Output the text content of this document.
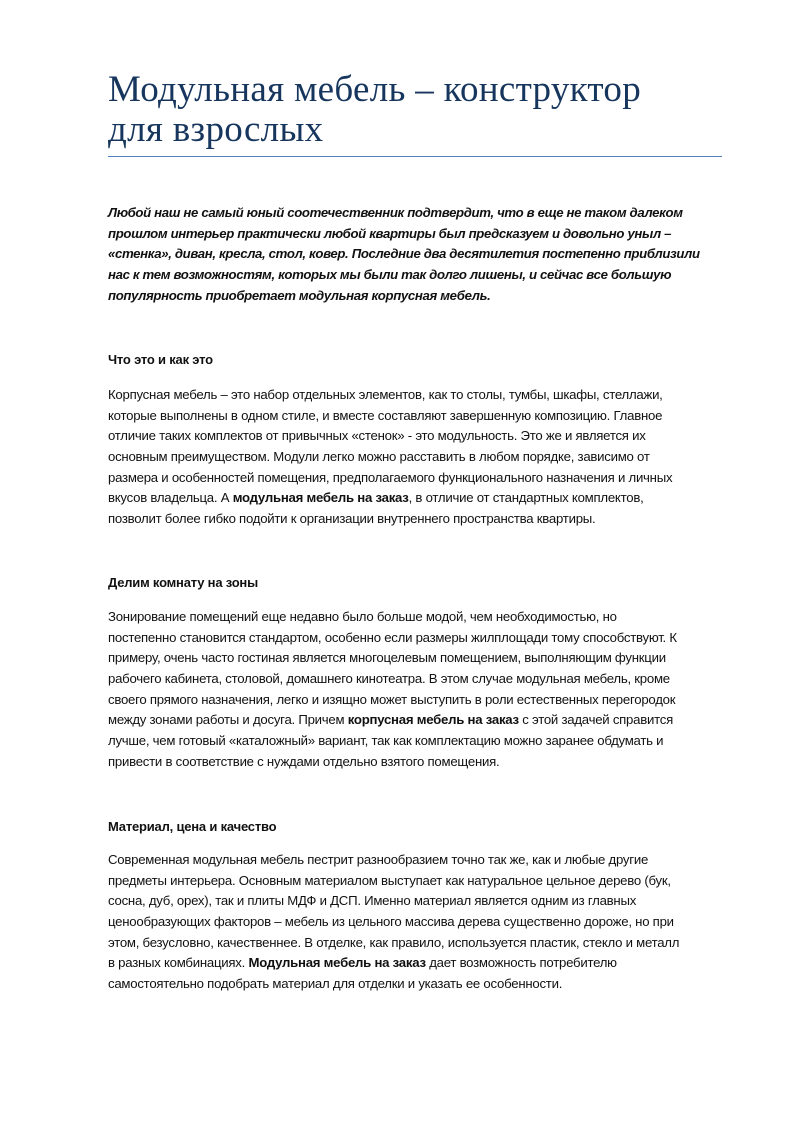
Модульная мебель – конструктор
для взрослых
Любой наш не самый юный соотечественник подтвердит, что в еще не таком далеком
прошлом интерьер практически любой квартиры был предсказуем и довольно уныл –
«стенка», диван, кресла, стол, ковер. Последние два десятилетия постепенно приблизили
нас к тем возможностям, которых мы были так долго лишены, и сейчас все большую
популярность приобретает модульная корпусная мебель.
Что это и как это
Корпусная мебель – это набор отдельных элементов, как то столы, тумбы, шкафы, стеллажи,
которые выполнены в одном стиле, и вместе составляют завершенную композицию. Главное
отличие таких комплектов от привычных «стенок» - это модульность. Это же и является их
основным преимуществом. Модули легко можно расставить в любом порядке, зависимо от
размера и особенностей помещения, предполагаемого функционального назначения и личных
вкусов владельца. А модульная мебель на заказ, в отличие от стандартных комплектов,
позволит более гибко подойти к организации внутреннего пространства квартиры.
Делим комнату на зоны
Зонирование помещений еще недавно было больше модой, чем необходимостью, но
постепенно становится стандартом, особенно если размеры жилплощади тому способствуют. К
примеру, очень часто гостиная является многоцелевым помещением, выполняющим функции
рабочего кабинета, столовой, домашнего кинотеатра. В этом случае модульная мебель, кроме
своего прямого назначения, легко и изящно может выступить в роли естественных перегородок
между зонами работы и досуга. Причем корпусная мебель на заказ с этой задачей справится
лучше, чем готовый «каталожный» вариант, так как комплектацию можно заранее обдумать и
привести в соответствие с нуждами отдельно взятого помещения.
Материал, цена и качество
Современная модульная мебель пестрит разнообразием точно так же, как и любые другие
предметы интерьера. Основным материалом выступает как натуральное цельное дерево (бук,
сосна, дуб, орех), так и плиты МДФ и ДСП. Именно материал является одним из главных
ценообразующих факторов – мебель из цельного массива дерева существенно дороже, но при
этом, безусловно, качественнее. В отделке, как правило, используется пластик, стекло и металл
в разных комбинациях. Модульная мебель на заказ дает возможность потребителю
самостоятельно подобрать материал для отделки и указать ее особенности.
